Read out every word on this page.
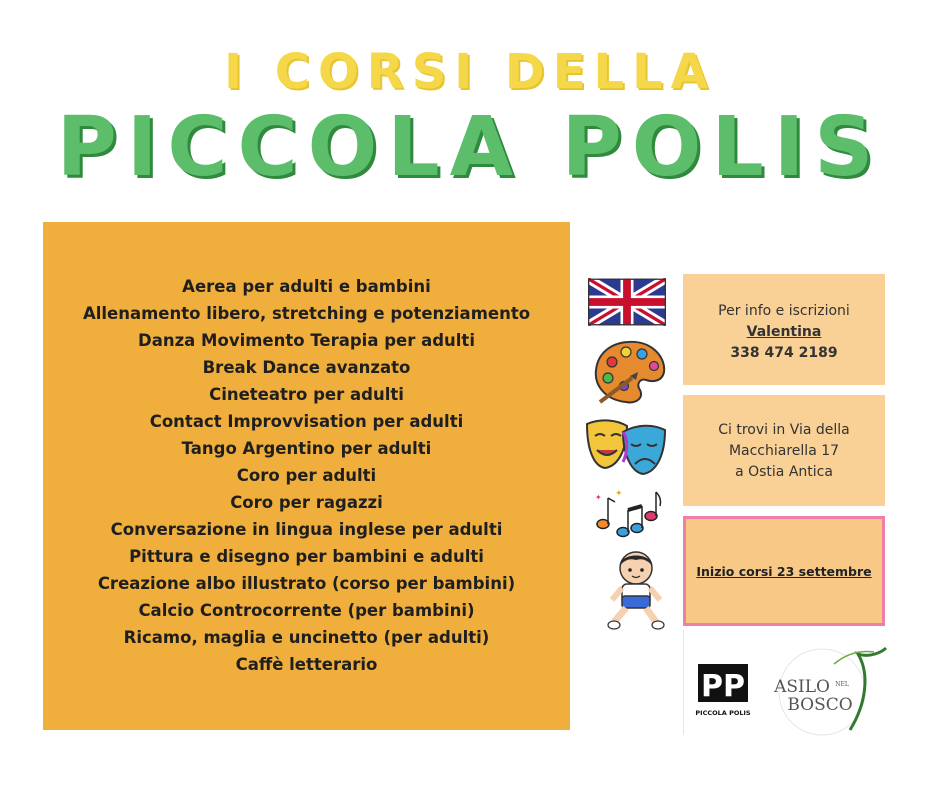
I CORSI DELLA
PICCOLA POLIS
Aerea per adulti e bambini
Allenamento libero, stretching e potenziamento
Danza Movimento Terapia per adulti
Break Dance avanzato
Cineteatro per adulti
Contact Improvvisation per adulti
Tango Argentino per adulti
Coro per adulti
Coro per ragazzi
Conversazione in lingua inglese per adulti
Pittura e disegno per bambini e adulti
Creazione albo illustrato (corso per bambini)
Calcio Controcorrente (per bambini)
Ricamo, maglia e uncinetto (per adulti)
Caffè letterario
✦
✦
Per info e iscrizioni
Valentina
338 474 2189
Ci trovi in Via della
Macchiarella 17
a Ostia Antica
Inizio corsi 23 settembre
PP
PICCOLA POLIS
ASILO NEL
BOSCO
